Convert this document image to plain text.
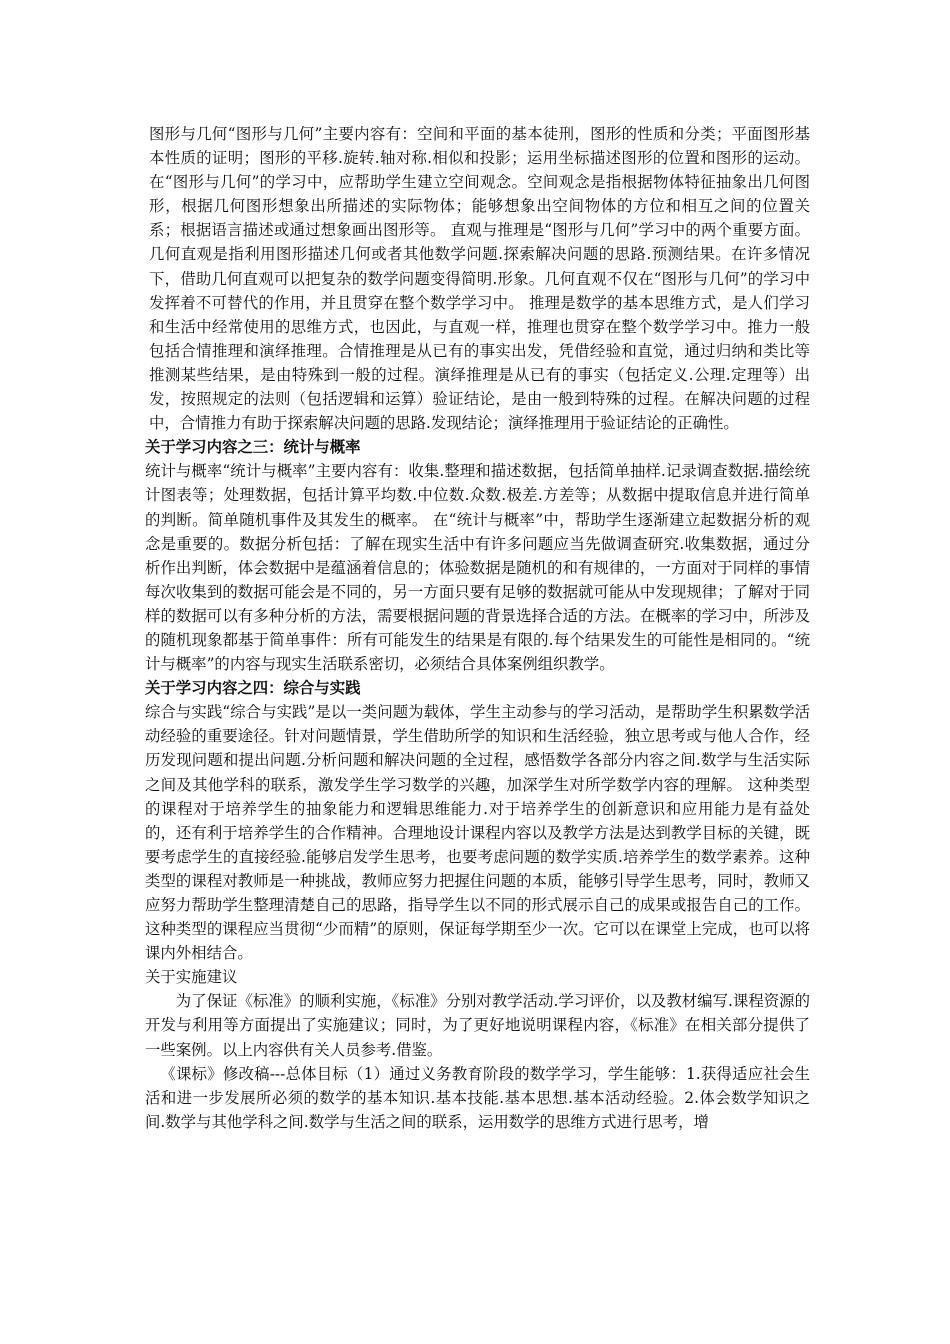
图形与几何“图形与几何”主要内容有：空间和平面的基本徒刑，图形的性质和分类；平面图形基本性质的证明；图形的平移.旋转.轴对称.相似和投影；运用坐标描述图形的位置和图形的运动。在“图形与几何”的学习中，应帮助学生建立空间观念。空间观念是指根据物体特征抽象出几何图形，根据几何图形想象出所描述的实际物体；能够想象出空间物体的方位和相互之间的位置关系；根据语言描述或通过想象画出图形等。 直观与推理是“图形与几何”学习中的两个重要方面。几何直观是指利用图形描述几何或者其他数学问题.探索解决问题的思路.预测结果。在许多情况下，借助几何直观可以把复杂的数学问题变得简明.形象。几何直观不仅在“图形与几何”的学习中发挥着不可替代的作用，并且贯穿在整个数学学习中。 推理是数学的基本思维方式，是人们学习和生活中经常使用的思维方式，也因此，与直观一样，推理也贯穿在整个数学学习中。推力一般包括合情推理和演绎推理。合情推理是从已有的事实出发，凭借经验和直觉，通过归纳和类比等推测某些结果，是由特殊到一般的过程。演绎推理是从已有的事实（包括定义.公理.定理等）出发，按照规定的法则（包括逻辑和运算）验证结论，是由一般到特殊的过程。在解决问题的过程中，合情推力有助于探索解决问题的思路.发现结论；演绎推理用于验证结论的正确性。

关于学习内容之三：统计与概率

统计与概率“统计与概率”主要内容有：收集.整理和描述数据，包括简单抽样.记录调查数据.描绘统计图表等；处理数据，包括计算平均数.中位数.众数.极差.方差等；从数据中提取信息并进行简单的判断。简单随机事件及其发生的概率。 在“统计与概率”中，帮助学生逐渐建立起数据分析的观念是重要的。数据分析包括：了解在现实生活中有许多问题应当先做调查研究.收集数据，通过分析作出判断，体会数据中是蕴涵着信息的；体验数据是随机的和有规律的，一方面对于同样的事情每次收集到的数据可能会是不同的，另一方面只要有足够的数据就可能从中发现规律；了解对于同样的数据可以有多种分析的方法，需要根据问题的背景选择合适的方法。在概率的学习中，所涉及的随机现象都基于简单事件：所有可能发生的结果是有限的.每个结果发生的可能性是相同的。“统计与概率”的内容与现实生活联系密切，必须结合具体案例组织教学。

关于学习内容之四：综合与实践

综合与实践“综合与实践”是以一类问题为载体，学生主动参与的学习活动，是帮助学生积累数学活动经验的重要途径。针对问题情景，学生借助所学的知识和生活经验，独立思考或与他人合作，经历发现问题和提出问题.分析问题和解决问题的全过程，感悟数学各部分内容之间.数学与生活实际之间及其他学科的联系，激发学生学习数学的兴趣，加深学生对所学数学内容的理解。 这种类型的课程对于培养学生的抽象能力和逻辑思维能力.对于培养学生的创新意识和应用能力是有益处的，还有利于培养学生的合作精神。合理地设计课程内容以及教学方法是达到教学目标的关键，既要考虑学生的直接经验.能够启发学生思考，也要考虑问题的数学实质.培养学生的数学素养。这种类型的课程对教师是一种挑战，教师应努力把握住问题的本质，能够引导学生思考，同时，教师又应努力帮助学生整理清楚自己的思路，指导学生以不同的形式展示自己的成果或报告自己的工作。这种类型的课程应当贯彻“少而精”的原则，保证每学期至少一次。它可以在课堂上完成，也可以将课内外相结合。

关于实施建议

为了保证《标准》的顺利实施，《标准》分别对教学活动.学习评价，以及教材编写.课程资源的开发与利用等方面提出了实施建议；同时，为了更好地说明课程内容，《标准》在相关部分提供了一些案例。以上内容供有关人员参考.借鉴。

《课标》修改稿---总体目标（1）通过义务教育阶段的数学学习，学生能够：1.获得适应社会生活和进一步发展所必须的数学的基本知识.基本技能.基本思想.基本活动经验。2.体会数学知识之间.数学与其他学科之间.数学与生活之间的联系，运用数学的思维方式进行思考，增
